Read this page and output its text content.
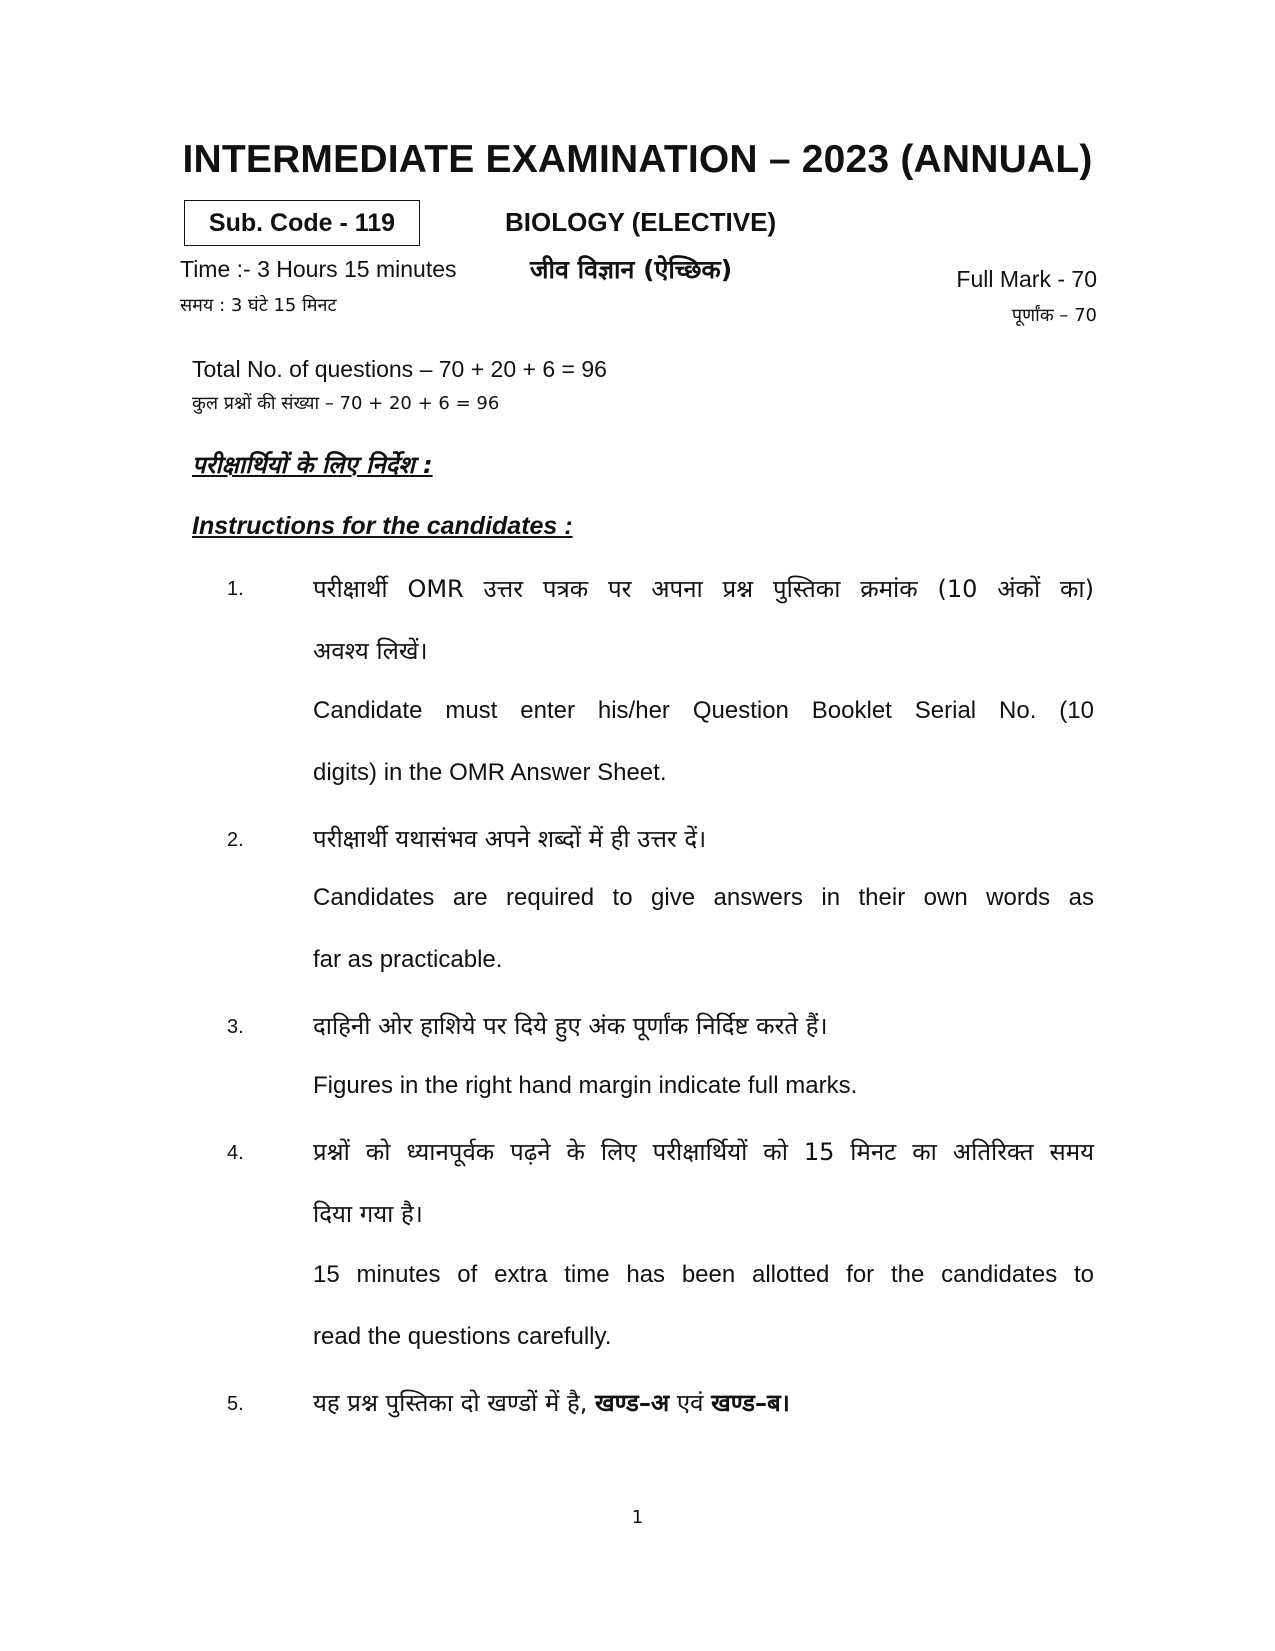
INTERMEDIATE EXAMINATION – 2023 (ANNUAL)
Sub. Code - 119	BIOLOGY (ELECTIVE)
जीव विज्ञान (ऐच्छिक)
Time :- 3 Hours 15 minutes
समय : 3 घंटे 15 मिनट
Full Mark - 70
पूर्णांक – 70
Total No. of questions – 70 + 20 + 6 = 96
कुल प्रश्नों की संख्या – 70 + 20 + 6 = 96
परीक्षार्थियों के लिए निर्देश :
Instructions for the candidates :
1.	परीक्षार्थी OMR उत्तर पत्रक पर अपना प्रश्न पुस्तिका क्रमांक (10 अंकों का)
अवश्य लिखें।
Candidate must enter his/her Question Booklet Serial No. (10
digits) in the OMR Answer Sheet.
2.	परीक्षार्थी यथासंभव अपने शब्दों में ही उत्तर दें।
Candidates are required to give answers in their own words as
far as practicable.
3.	दाहिनी ओर हाशिये पर दिये हुए अंक पूर्णांक निर्दिष्ट करते हैं।
Figures in the right hand margin indicate full marks.
4.	प्रश्नों को ध्यानपूर्वक पढ़ने के लिए परीक्षार्थियों को 15 मिनट का अतिरिक्त समय
दिया गया है।
15 minutes of extra time has been allotted for the candidates to
read the questions carefully.
5.	यह प्रश्न पुस्तिका दो खण्डों में है, खण्ड–अ एवं खण्ड–ब।
1
